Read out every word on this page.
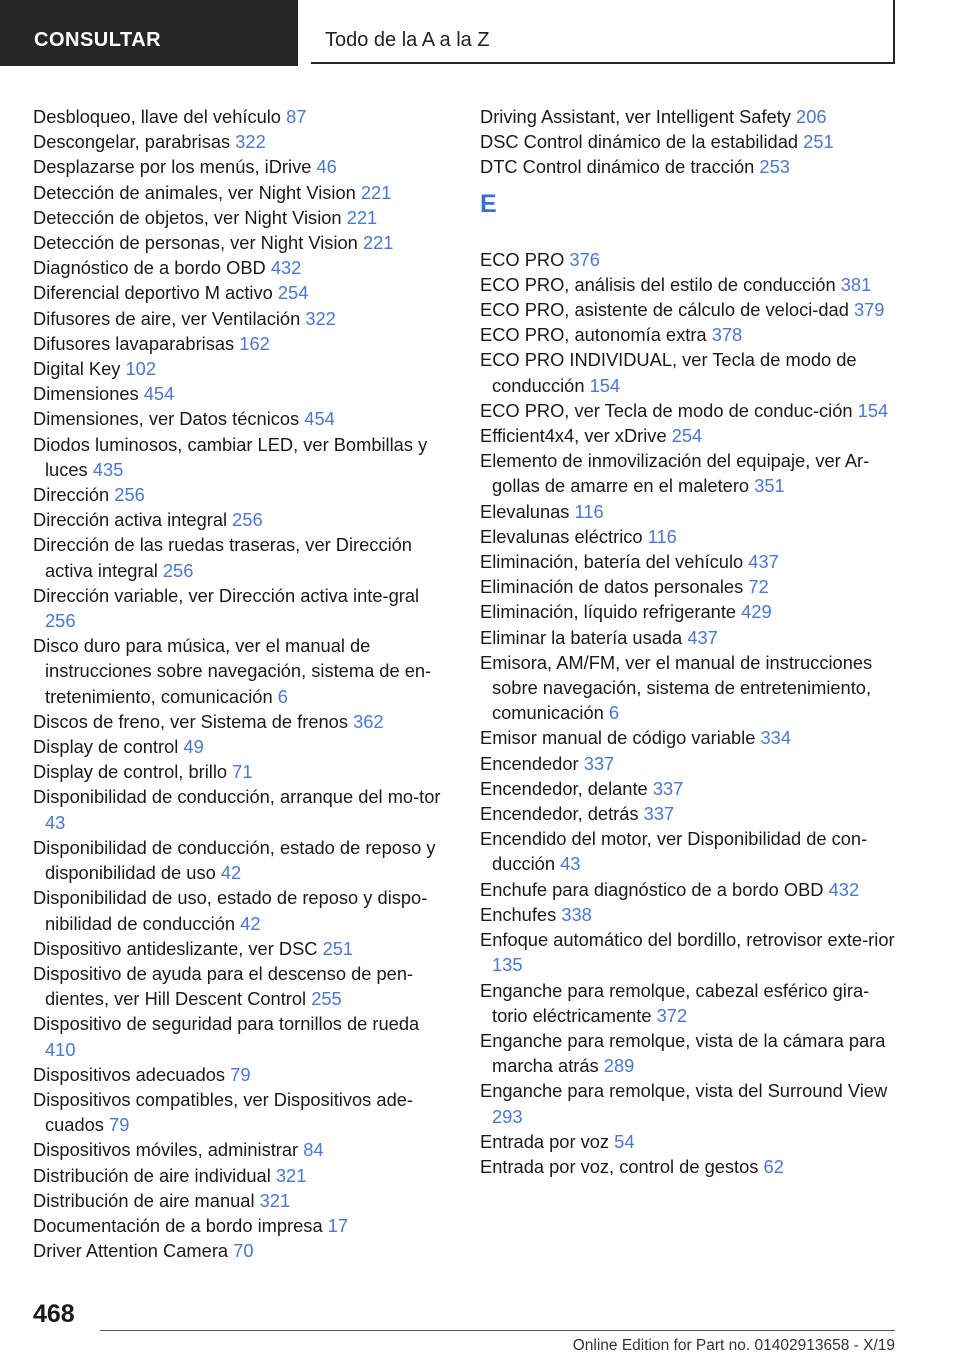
CONSULTAR	Todo de la A a la Z
Desbloqueo, llave del vehículo 87
Descongelar, parabrisas 322
Desplazarse por los menús, iDrive 46
Detección de animales, ver Night Vision 221
Detección de objetos, ver Night Vision 221
Detección de personas, ver Night Vision 221
Diagnóstico de a bordo OBD 432
Diferencial deportivo M activo 254
Difusores de aire, ver Ventilación 322
Difusores lavaparabrisas 162
Digital Key 102
Dimensiones 454
Dimensiones, ver Datos técnicos 454
Diodos luminosos, cambiar LED, ver Bombillas y luces 435
Dirección 256
Dirección activa integral 256
Dirección de las ruedas traseras, ver Dirección activa integral 256
Dirección variable, ver Dirección activa inte-gral 256
Disco duro para música, ver el manual de instrucciones sobre navegación, sistema de en-tretenimiento, comunicación 6
Discos de freno, ver Sistema de frenos 362
Display de control 49
Display de control, brillo 71
Disponibilidad de conducción, arranque del mo-tor 43
Disponibilidad de conducción, estado de reposo y disponibilidad de uso 42
Disponibilidad de uso, estado de reposo y dispo-nibilidad de conducción 42
Dispositivo antideslizante, ver DSC 251
Dispositivo de ayuda para el descenso de pen-dientes, ver Hill Descent Control 255
Dispositivo de seguridad para tornillos de rueda 410
Dispositivos adecuados 79
Dispositivos compatibles, ver Dispositivos ade-cuados 79
Dispositivos móviles, administrar 84
Distribución de aire individual 321
Distribución de aire manual 321
Documentación de a bordo impresa 17
Driver Attention Camera 70
Driving Assistant, ver Intelligent Safety 206
DSC Control dinámico de la estabilidad 251
DTC Control dinámico de tracción 253
E
ECO PRO 376
ECO PRO, análisis del estilo de conducción 381
ECO PRO, asistente de cálculo de veloci-dad 379
ECO PRO, autonomía extra 378
ECO PRO INDIVIDUAL, ver Tecla de modo de conducción 154
ECO PRO, ver Tecla de modo de conduc-ción 154
Efficient4x4, ver xDrive 254
Elemento de inmovilización del equipaje, ver Ar-gollas de amarre en el maletero 351
Elevalunas 116
Elevalunas eléctrico 116
Eliminación, batería del vehículo 437
Eliminación de datos personales 72
Eliminación, líquido refrigerante 429
Eliminar la batería usada 437
Emisora, AM/FM, ver el manual de instrucciones sobre navegación, sistema de entretenimiento, comunicación 6
Emisor manual de código variable 334
Encendedor 337
Encendedor, delante 337
Encendedor, detrás 337
Encendido del motor, ver Disponibilidad de con-ducción 43
Enchufe para diagnóstico de a bordo OBD 432
Enchufes 338
Enfoque automático del bordillo, retrovisor exte-rior 135
Enganche para remolque, cabezal esférico gira-torio eléctricamente 372
Enganche para remolque, vista de la cámara para marcha atrás 289
Enganche para remolque, vista del Surround View 293
Entrada por voz 54
Entrada por voz, control de gestos 62
468
Online Edition for Part no. 01402913658 - X/19
